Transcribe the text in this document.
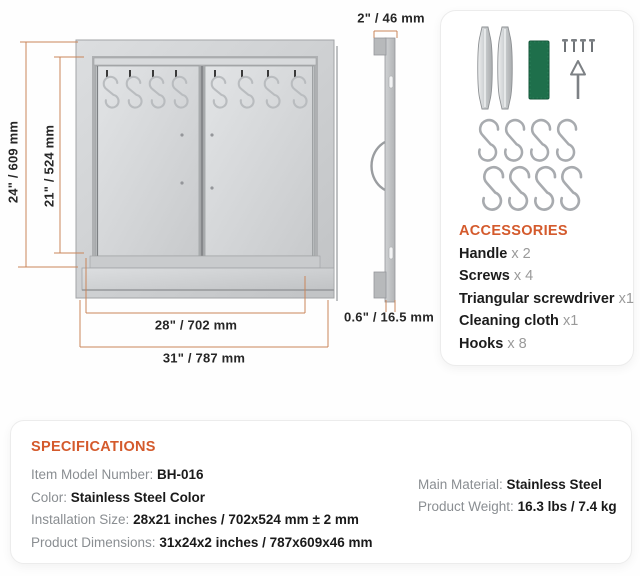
24" / 609 mm 21" / 524 mm
28" / 702 mm
31" / 787 mm
2" / 46 mm
0.6" / 16.5 mm
ACCESSORIES
Handle x 2
Screws x 4
Triangular screwdriver x1
Cleaning cloth x1
Hooks x 8
SPECIFICATIONS
Item Model Number: BH-016
Color: Stainless Steel Color
Installation Size: 28x21 inches / 702x524 mm ± 2 mm
Product Dimensions: 31x24x2 inches / 787x609x46 mm
Main Material: Stainless Steel
Product Weight: 16.3 lbs / 7.4 kg
